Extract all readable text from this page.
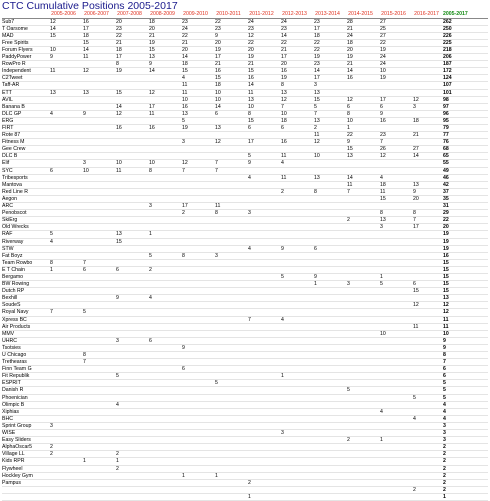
CTC Cumulative Positions 2005-2017
	2005-2006	2006-2007	2007-2008	2008-2009	2009-2010	2010-2011	2011-2012	2012-2013	2013-2014	2014-2015	2015-2016	2016-2017	2005-2017
Sub7	12	16	20	18	23	22	24	24	23	28	27		262
T Oarsome	14	17	23	20	24	23	23	23	17	21	25		250
MAD	15	18	22	21	22	9	12	14	18	24	27		226
Free Spirits		15	21	19	21	20	22	22	22	18	22		225
Forum Flyers	10	14	18	15	20	19	20	21	22	20	19		218
PaddyPower	9	11	17	13	14	17	19	17	19	19	24		206
RowPro R			8	9	18	21	21	20	23	21	24		187
Independent	11	12	19	14	15	16	15	16	14	14	10		172
C2Tweet					4	15	16	19	17	16	19		124
Taff-AR					11	18	14	8	3				107
ETT	13	13	15	12	11	10	11	13	13				101
AVIL					10	10	13	12	15	12	17	12	98
Banana B			14	17	16	14	10	7	5	6	6	3	97
DLC GP	4	9	12	11	13	6	8	10	7	8	9		96
ERG					5		15	18	13	10	16	18	95
FIRT			16	16	19	13	6	6	2	1			79
Rote 87									11	22	23	21	77
Fitness M					3	12	17	16	12	9	7		76
Gee Crew										15	26	27	68
DLC B							5	11	10	13	12	14	65
Elif		3	10	10	12	7	9	4					55
SYC	6	10	11	8	7	7							49
Tribesports							4	11	13	14	4		46
Mantova										11	18	13	42
Red Line R								2	8	7	11	9	37
Aegon											15	20	35
ARC				3	17	11							31
Penobscot					2	8	3				8	8	29
SkiErg										2	13	7	22
Old Wrecks											3	17	20
RAF	5		13	1									19
Riverway	4		15										19
STW							4	9	6				19
Fat Boyz				5	8	3							16
Team Rowbo	8	7											15
E T Chain	1	6	6	2									15
Bergamo								5	9		1		15
BW Rowing									1	3	5	6	15
Dutch RP												15	15
Bexhill			9	4									13
SoudeS												12	12
Royal Navy	7	5											12
Xpress BC							7	4					11
Air Products												11	11
MMV											10		10
UHRC			3	6									9
Tsotsies					9								9
U Chicago		8											8
Trethearas		7											7
Finn Team G					6								6
Fit Republik			5					1					6
ESPRIT						5							5
Danish R										5			5
Phoenician												5	5
Olimpic B			4										4
Xiphias											4		4
BHC												4	4
Sprint Group	3												3
WISE								3					3
Easy Sliders										2	1		3
AlphaOscar5	2												2
Village LL	2		2										2
Kids RPR		1	1										2
Flywheel			2										2
Hockley Gym					1	1							2
Pampus							2						2
												2	2
							1						1
